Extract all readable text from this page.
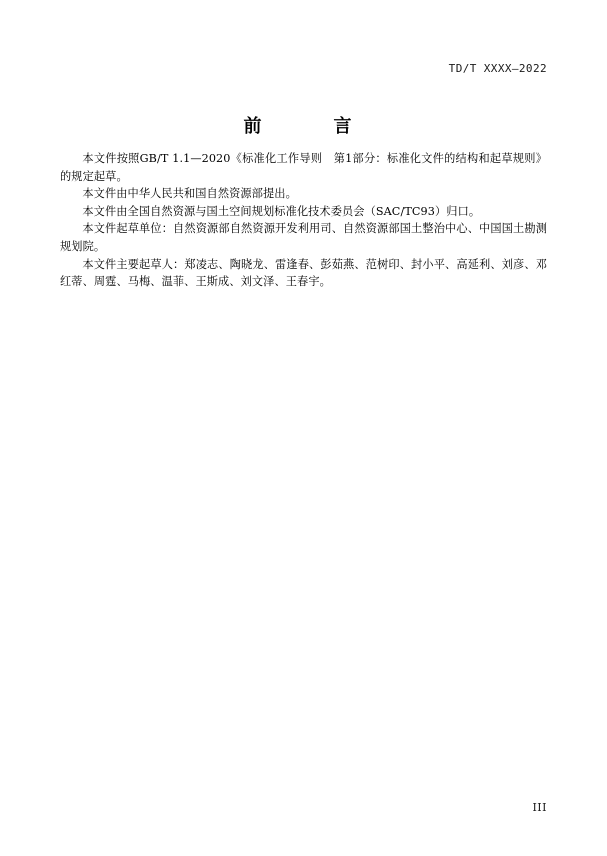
TD/T XXXX—2022
前　　言

本文件按照GB/T 1.1—2020《标准化工作导则　第1部分：标准化文件的结构和起草规则》的规定起草。

本文件由中华人民共和国自然资源部提出。

本文件由全国自然资源与国土空间规划标准化技术委员会（SAC/TC93）归口。

本文件起草单位：自然资源部自然资源开发利用司、自然资源部国土整治中心、中国国土勘测规划院。

本文件主要起草人：郑凌志、陶晓龙、雷逢春、彭茹燕、范树印、封小平、高延利、刘彦、邓红蒂、周霆、马梅、温菲、王斯成、刘文泽、王春宇。

III
